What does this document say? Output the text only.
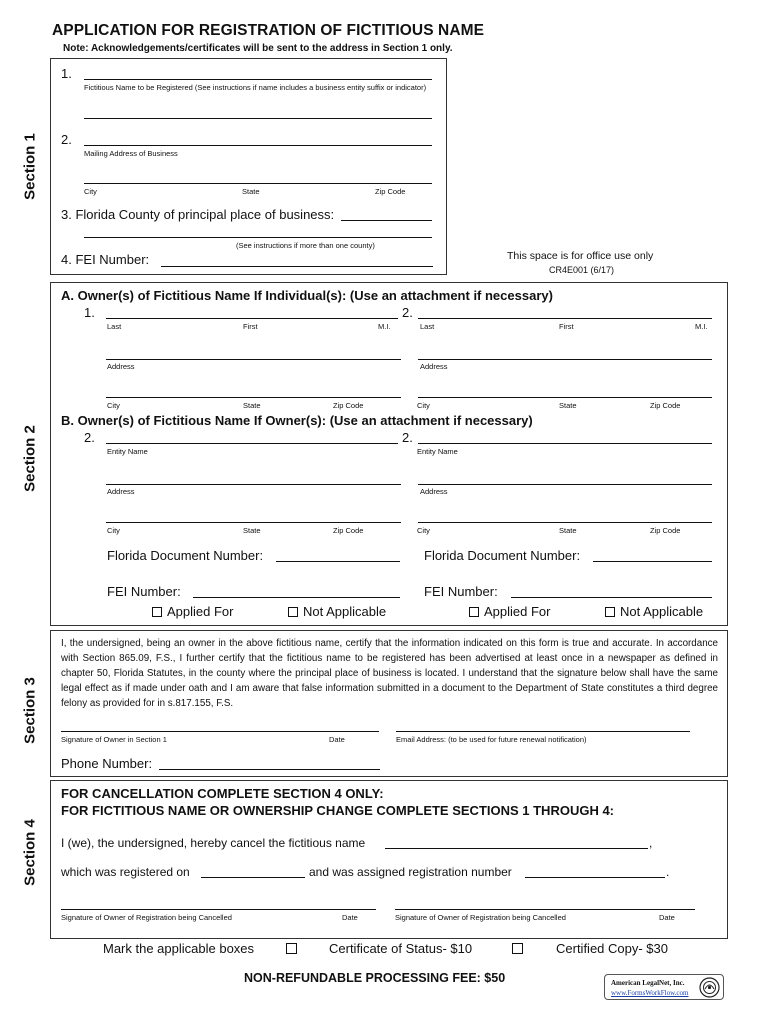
APPLICATION FOR REGISTRATION OF FICTITIOUS NAME
Note: Acknowledgements/certificates will be sent to the address in Section 1 only.
Section 1
1.
Fictitious Name to be Registered (See instructions if name includes a business entity suffix or indicator)
2.
Mailing Address of Business
City	State	Zip Code
3. Florida County of principal place of business:
(See instructions if more than one county)
4. FEI Number:	This space is for office use only
CR4E001 (6/17)
Section 2
A. Owner(s) of Fictitious Name If Individual(s): (Use an attachment if necessary)
1.
Last	First	M.I.
Address
City	State	Zip Code
2.
Last	First	M.I.
Address
City	State	Zip Code
B. Owner(s) of Fictitious Name If Owner(s): (Use an attachment if necessary)
2.
Entity Name
Address
City	State	Zip Code
2.
Entity Name
Address
City	State	Zip Code
Florida Document Number:	Florida Document Number:
FEI Number:	FEI Number:
Applied For	Not Applicable	Applied For	Not Applicable
Section 3
I, the undersigned, being an owner in the above fictitious name, certify that the information indicated on this form is true and accurate. In accordance with Section 865.09, F.S., I further certify that the fictitious name to be registered has been advertised at least once in a newspaper as defined in chapter 50, Florida Statutes, in the county where the principal place of business is located. I understand that the signature below shall have the same legal effect as if made under oath and I am aware that false information submitted in a document to the Department of State constitutes a third degree felony as provided for in s.817.155, F.S.
Signature of Owner in Section 1	Date	Email Address: (to be used for future renewal notification)
Phone Number:
Section 4
FOR CANCELLATION COMPLETE SECTION 4 ONLY:
FOR FICTITIOUS NAME OR OWNERSHIP CHANGE COMPLETE SECTIONS 1 THROUGH 4:
I (we), the undersigned, hereby cancel the fictitious name	,
which was registered on	and was assigned registration number	.
Signature of Owner of Registration being Cancelled	Date	Signature of Owner of Registration being Cancelled	Date
Mark the applicable boxes	Certificate of Status- $10	Certified Copy- $30
NON-REFUNDABLE PROCESSING FEE: $50	American LegalNet, Inc.
www.FormsWorkFlow.com
